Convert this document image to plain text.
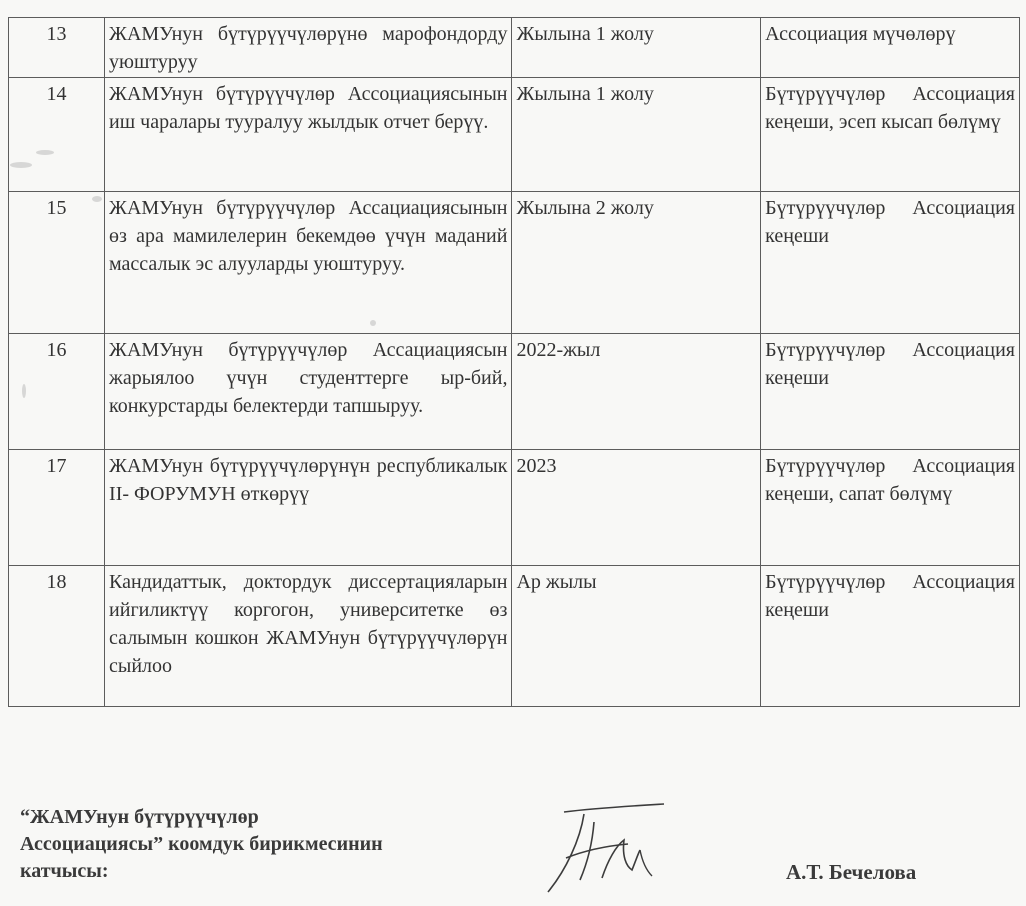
13	ЖАМУнун бүтүрүүчүлөрүнө марофондорду уюштуруу	Жылына 1 жолу	Ассоциация мүчөлөрү
14	ЖАМУнун бүтүрүүчүлөр Ассоциациясынын иш чаралары тууралуу жылдык отчет берүү.	Жылына 1 жолу	Бүтүрүүчүлөр Ассоциация кеңеши, эсеп кысап бөлүмү
15	ЖАМУнун бүтүрүүчүлөр Ассациациясынын өз ара мамилелерин бекемдөө үчүн маданий массалык эс алууларды уюштуруу.	Жылына 2 жолу	Бүтүрүүчүлөр Ассоциация кеңеши
16	ЖАМУнун бүтүрүүчүлөр Ассациациясын жарыялоо үчүн студенттерге ыр-бий, конкурстарды белектерди тапшыруу.	2022-жыл	Бүтүрүүчүлөр Ассоциация кеңеши
17	ЖАМУнун бүтүрүүчүлөрүнүн республикалык II- ФОРУМУН өткөрүү	2023	Бүтүрүүчүлөр Ассоциация кеңеши, сапат бөлүмү
18	Кандидаттык, доктордук диссертацияларын ийгиликтүү коргогон, университетке өз салымын кошкон ЖАМУнун бүтүрүүчүлөрүн сыйлоо	Ар жылы	Бүтүрүүчүлөр Ассоциация кеңеши
“ЖАМУнун бүтүрүүчүлөр
Ассоциациясы” коомдук бирикмесинин
катчысы:	А.Т. Бечелова
